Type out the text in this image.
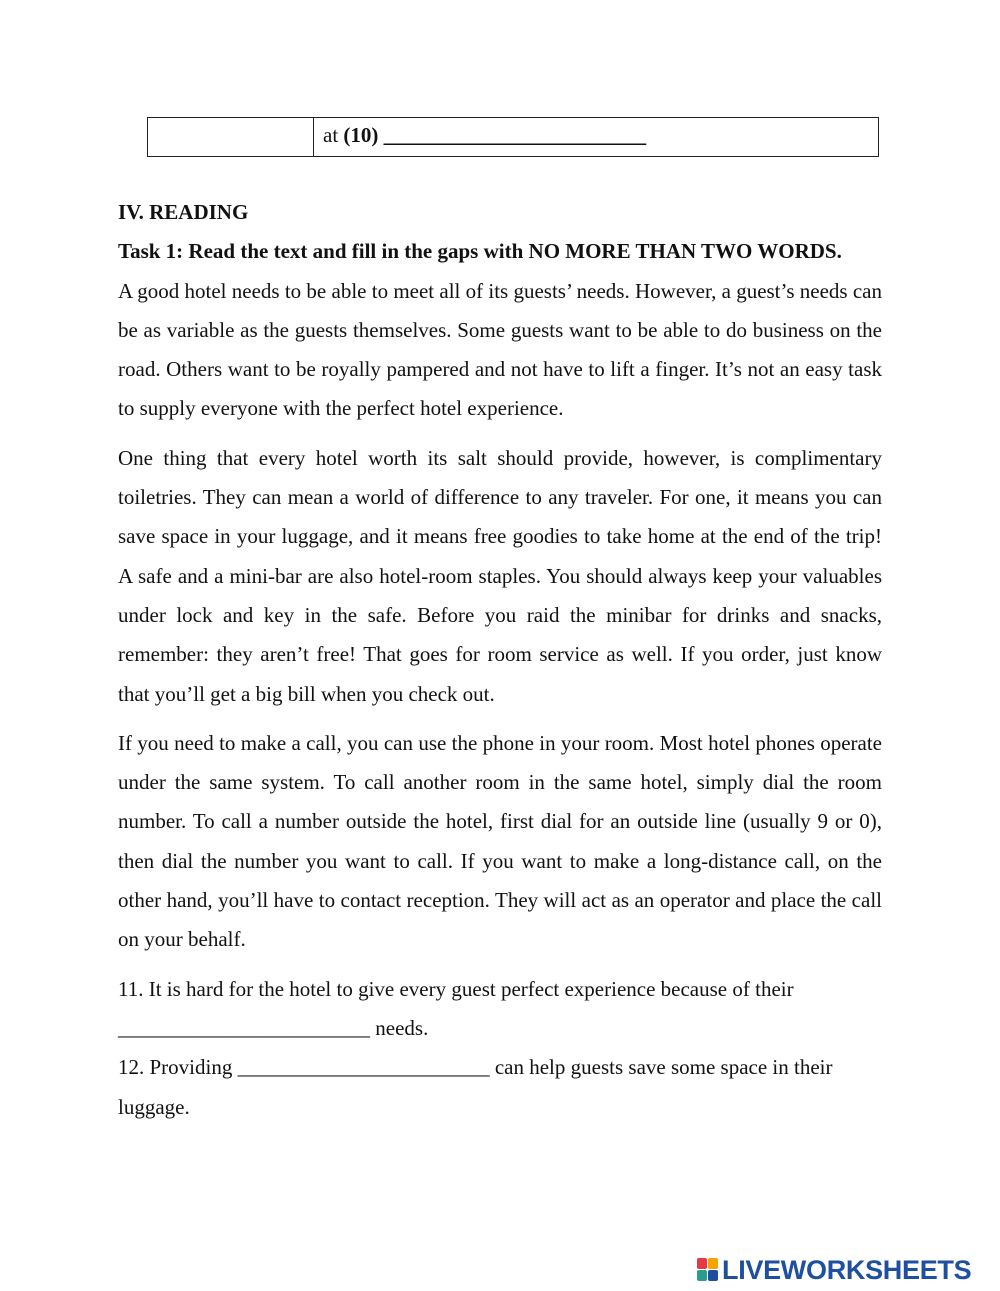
at (10) _________________________

IV. READING

Task 1: Read the text and fill in the gaps with NO MORE THAN TWO WORDS.

A good hotel needs to be able to meet all of its guests’ needs. However, a guest’s needs can be as variable as the guests themselves. Some guests want to be able to do business on the road. Others want to be royally pampered and not have to lift a finger. It’s not an easy task to supply everyone with the perfect hotel experience.

One thing that every hotel worth its salt should provide, however, is complimentary toiletries. They can mean a world of difference to any traveler. For one, it means you can save space in your luggage, and it means free goodies to take home at the end of the trip! A safe and a mini-bar are also hotel-room staples. You should always keep your valuables under lock and key in the safe. Before you raid the minibar for drinks and snacks, remember: they aren’t free! That goes for room service as well. If you order, just know that you’ll get a big bill when you check out.

If you need to make a call, you can use the phone in your room. Most hotel phones operate under the same system. To call another room in the same hotel, simply dial the room number. To call a number outside the hotel, first dial for an outside line (usually 9 or 0), then dial the number you want to call. If you want to make a long-distance call, on the other hand, you’ll have to contact reception. They will act as an operator and place the call on your behalf.

11. It is hard for the hotel to give every guest perfect experience because of their
________________________ needs.

12. Providing ________________________ can help guests save some space in their luggage.

LIVEWORKSHEETS
